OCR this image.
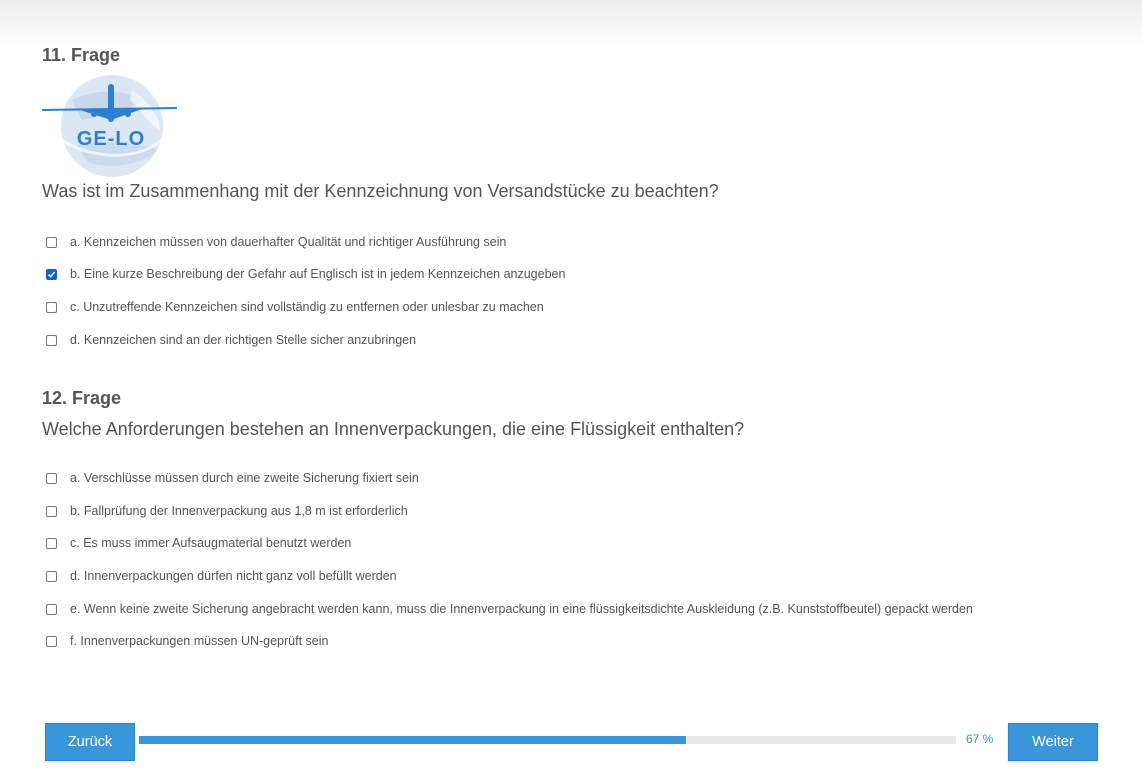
11. Frage
GE-LO
Was ist im Zusammenhang mit der Kennzeichnung von Versandstücke zu beachten?
a. Kennzeichen müssen von dauerhafter Qualität und richtiger Ausführung sein
b. Eine kurze Beschreibung der Gefahr auf Englisch ist in jedem Kennzeichen anzugeben
c. Unzutreffende Kennzeichen sind vollständig zu entfernen oder unlesbar zu machen
d. Kennzeichen sind an der richtigen Stelle sicher anzubringen
12. Frage
Welche Anforderungen bestehen an Innenverpackungen, die eine Flüssigkeit enthalten?
a. Verschlüsse müssen durch eine zweite Sicherung fixiert sein
b. Fallprüfung der Innenverpackung aus 1,8 m ist erforderlich
c. Es muss immer Aufsaugmaterial benutzt werden
d. Innenverpackungen dürfen nicht ganz voll befüllt werden
e. Wenn keine zweite Sicherung angebracht werden kann, muss die Innenverpackung in eine flüssigkeitsdichte Auskleidung (z.B. Kunststoffbeutel) gepackt werden
f. Innenverpackungen müssen UN-geprüft sein
Zurück	67 %	Weiter
